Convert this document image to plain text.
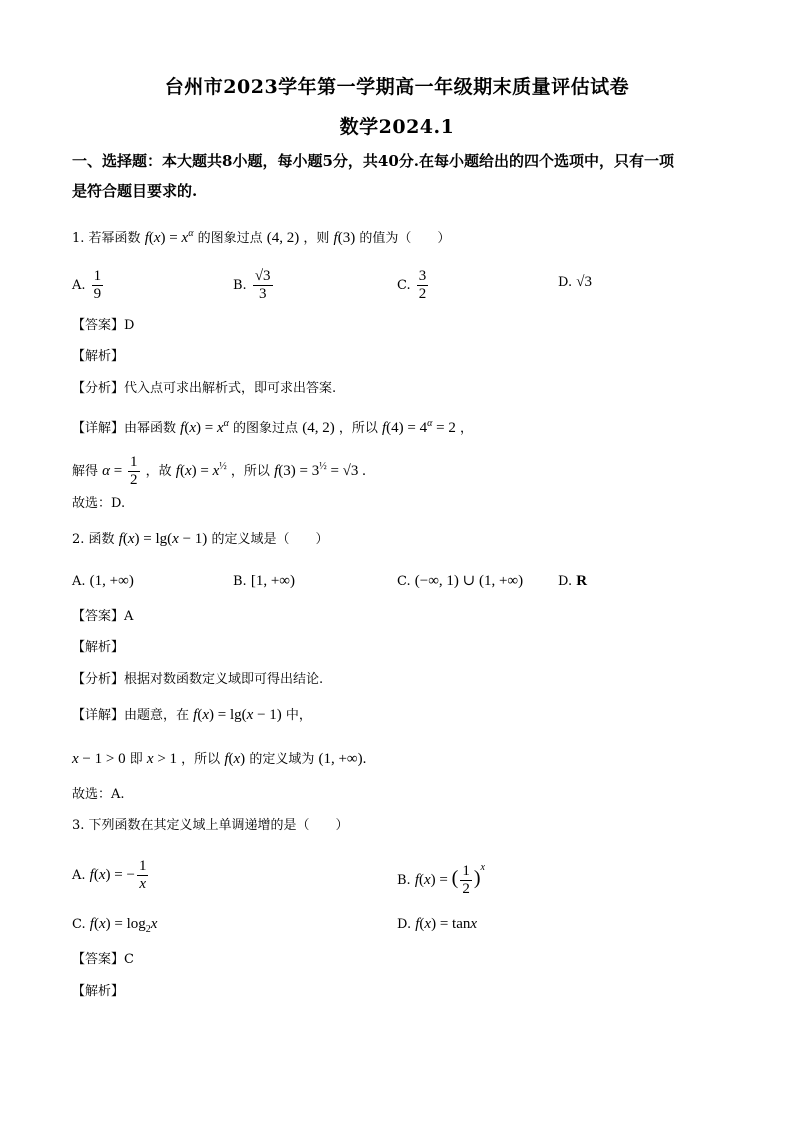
台州市2023学年第一学期高一年级期末质量评估试卷
数学2024.1
一、选择题：本大题共8小题，每小题5分，共40分.在每小题给出的四个选项中，只有一项
是符合题目要求的.
1. 若幂函数 $f(x) = x^\alpha$ 的图象过点 (4, 2) ，则 f(3) 的值为（　　）
A. $\frac{1}{9}$	B. $\frac{√3}{3}$	C. $\frac{3}{2}$	D. √3
【答案】D
【解析】
【分析】代入点可求出解析式，即可求出答案.
【详解】由幂函数 $f(x) = x^\alpha$ 的图象过点 (4, 2) ，所以 $f(4) = 4^\alpha = 2$ ，
解得 $\alpha = \frac{1}{2}$ ，故 $f(x) = x^{\frac{1}{2}}$ ，所以 $f(3) = 3^{\frac{1}{2}} = √3$ .
故选：D.
2. 函数 f(x) = lg(x − 1) 的定义域是（　　）
A. (1, +∞)	B. [1, +∞)	C. (−∞, 1) ∪ (1, +∞)	D. R
【答案】A
【解析】
【分析】根据对数函数定义域即可得出结论.
【详解】由题意，在 f(x) = lg(x − 1) 中，
x − 1 > 0 即 x > 1 ，所以 f(x) 的定义域为 (1, +∞).
故选：A.
3. 下列函数在其定义域上单调递增的是（　　）
A. f(x) = − $\frac{1}{x}$	B. f(x) = ( $\frac{1}{2} )^x$
C. $f(x) = \log_2x$	D. f(x) = tanx
【答案】C
【解析】
